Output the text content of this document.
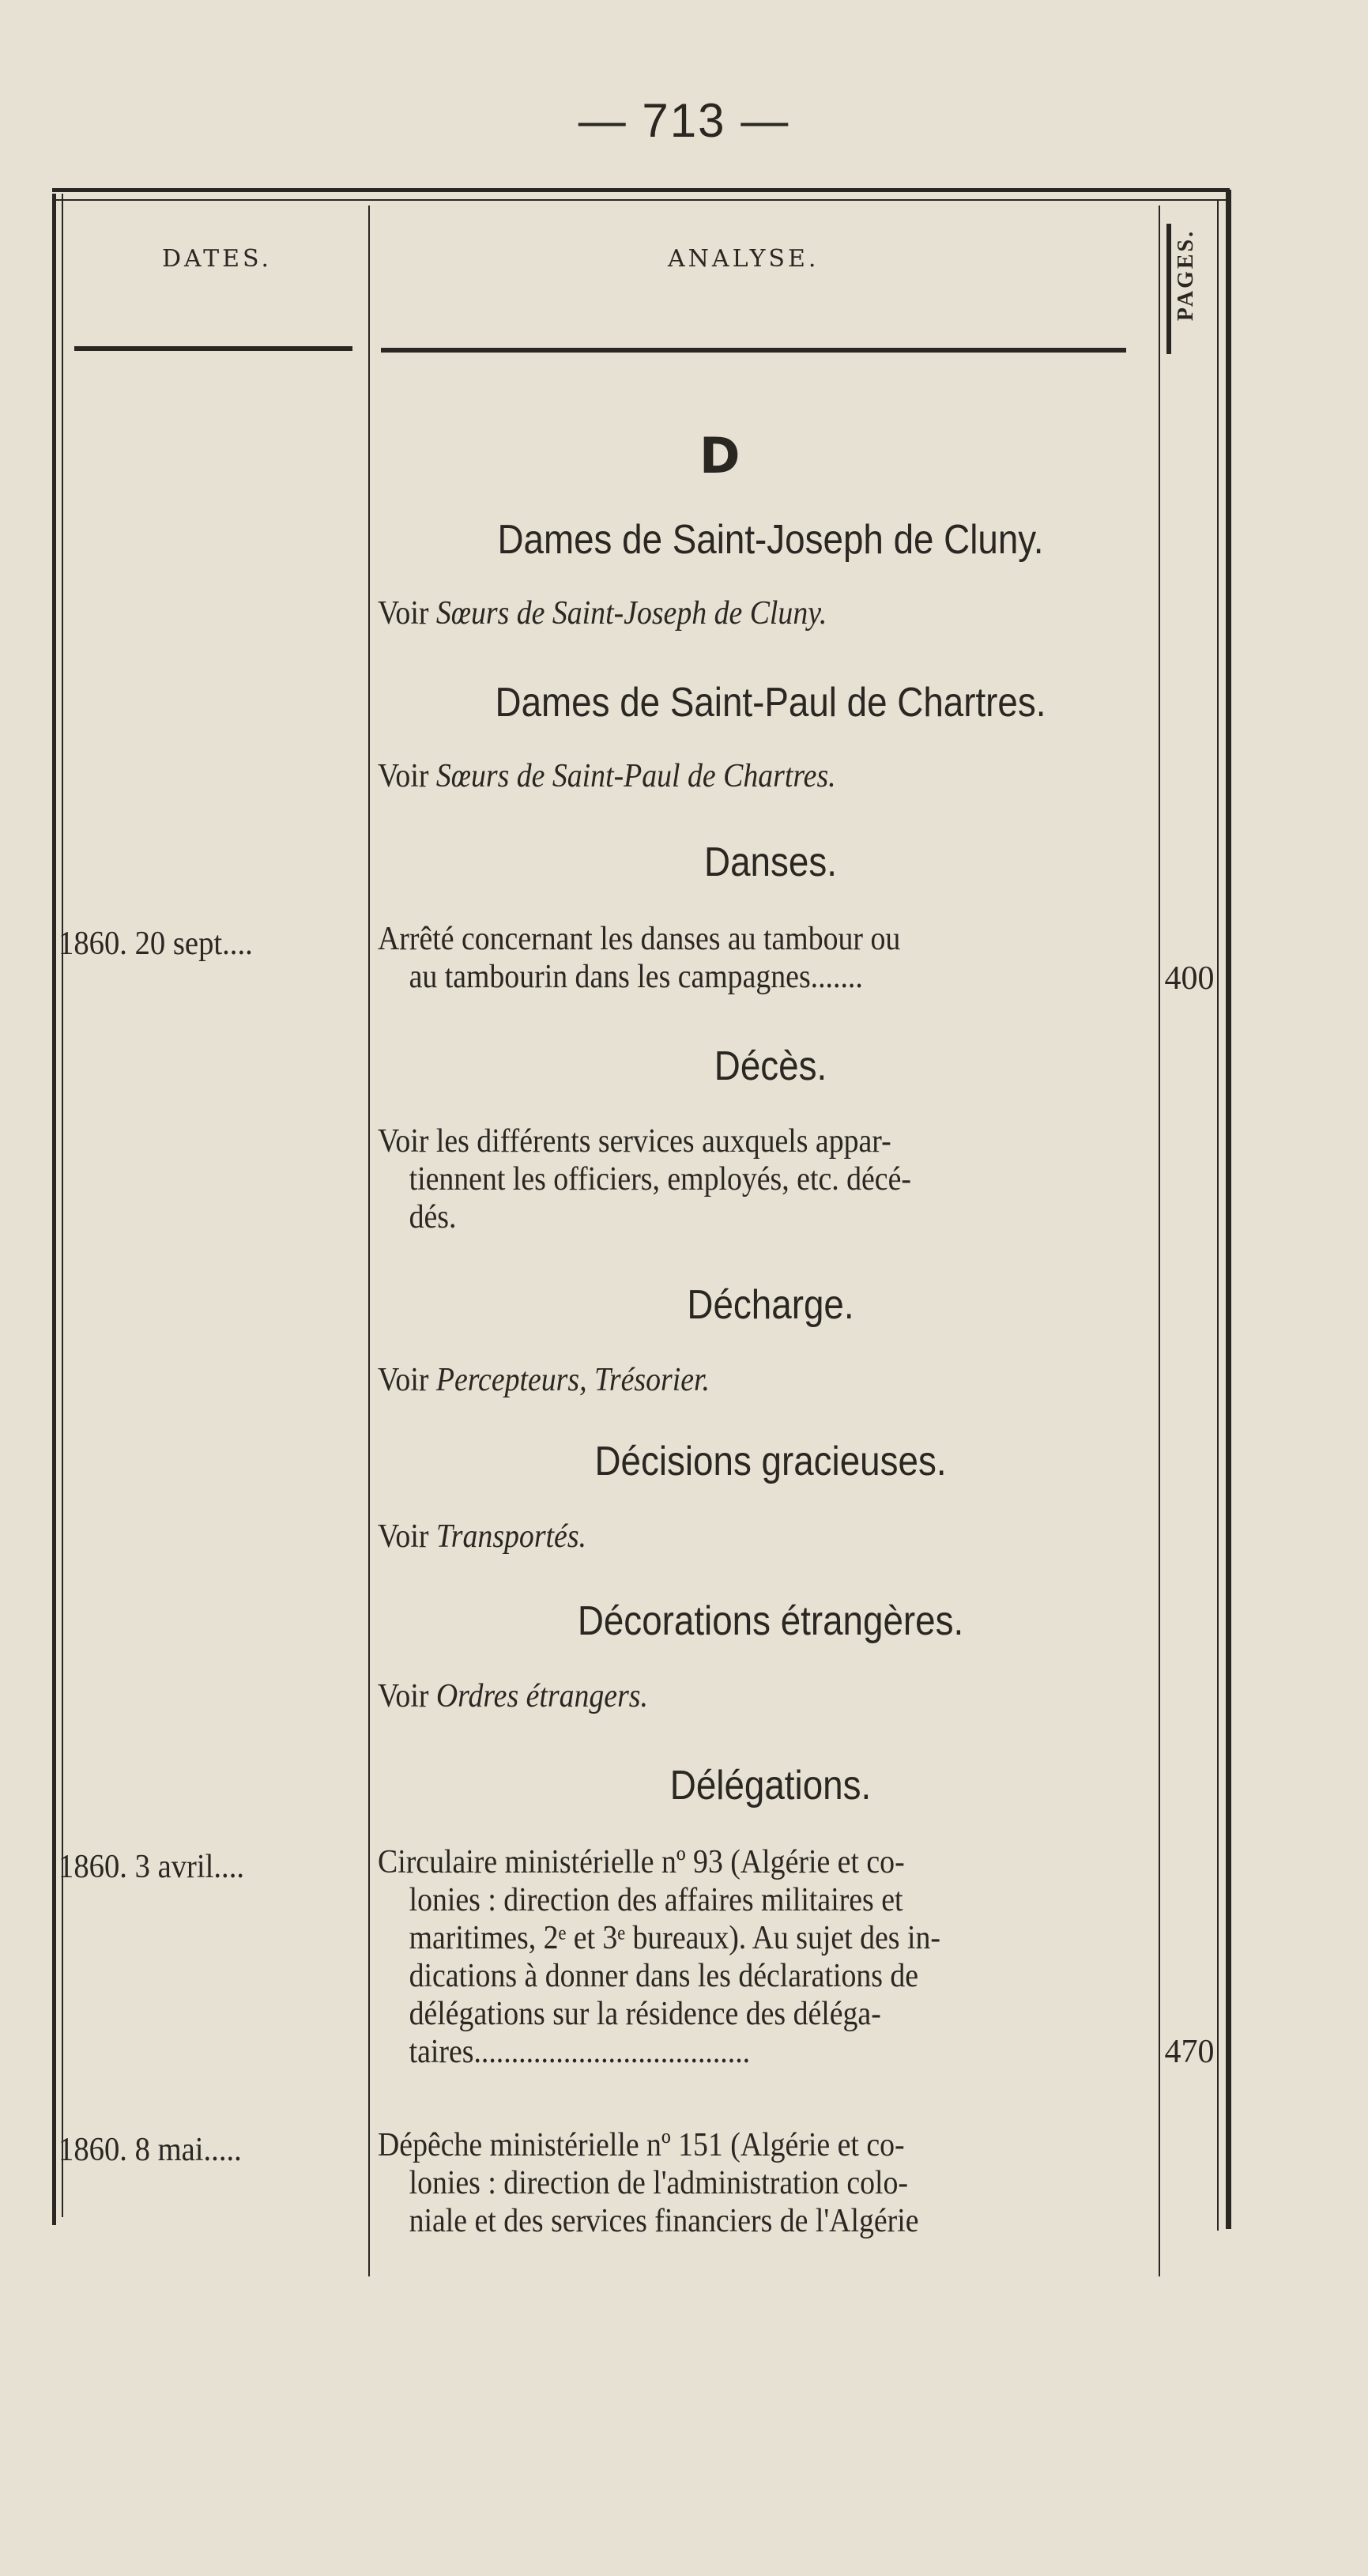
— 713 —
DATES.	ANALYSE.	PAGES.
D
Dames de Saint-Joseph de Cluny.
Voir Sœurs de Saint-Joseph de Cluny.
Dames de Saint-Paul de Chartres.
Voir Sœurs de Saint-Paul de Chartres.
Danses.
1860. 20 sept....	Arrêté concernant les danses au tambour ou
au tambourin dans les campagnes.......	400
Décès.
Voir les différents services auxquels appar-
tiennent les officiers, employés, etc. décé-
dés.
Décharge.
Voir Percepteurs, Trésorier.
Décisions gracieuses.
Voir Transportés.
Décorations étrangères.
Voir Ordres étrangers.
Délégations.
1860. 3 avril....	Circulaire ministérielle nº 93 (Algérie et co-
lonies : direction des affaires militaires et
maritimes, 2ᵉ et 3ᵉ bureaux). Au sujet des in-
dications à donner dans les déclarations de
délégations sur la résidence des déléga-
taires.....................................	470
1860. 8 mai.....	Dépêche ministérielle nº 151 (Algérie et co-
lonies : direction de l'administration colo-
niale et des services financiers de l'Algérie
